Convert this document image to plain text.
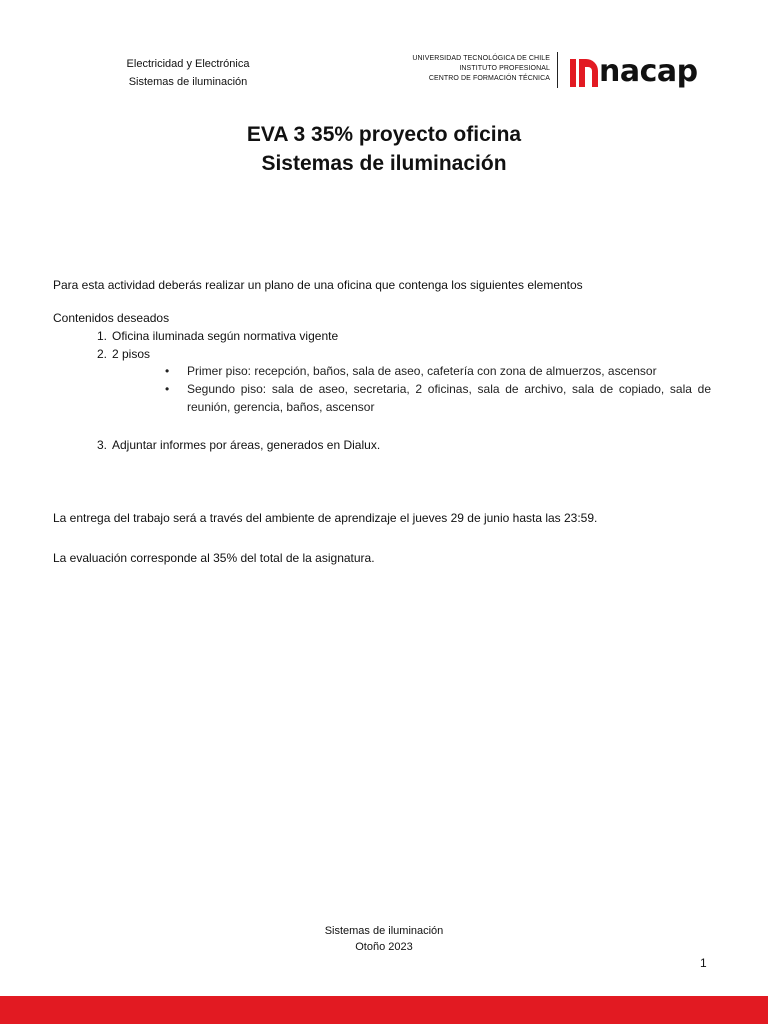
Electricidad y Electrónica
Sistemas de iluminación
UNIVERSIDAD TECNOLÓGICA DE CHILE
INSTITUTO PROFESIONAL
CENTRO DE FORMACIÓN TÉCNICA nacap
EVA 3 35% proyecto oficina
Sistemas de iluminación
Para esta actividad deberás realizar un plano de una oficina que contenga los siguientes elementos
Contenidos deseados
1. Oficina iluminada según normativa vigente
2. 2 pisos
•	Primer piso: recepción, baños, sala de aseo, cafetería con zona de almuerzos, ascensor
•	Segundo piso: sala de aseo, secretaria, 2 oficinas, sala de archivo, sala de copiado, sala de reunión, gerencia, baños, ascensor
3. Adjuntar informes por áreas, generados en Dialux.
La entrega del trabajo será a través del ambiente de aprendizaje el jueves 29 de junio hasta las 23:59.
La evaluación corresponde al 35% del total de la asignatura.
Sistemas de iluminación
Otoño 2023
1
